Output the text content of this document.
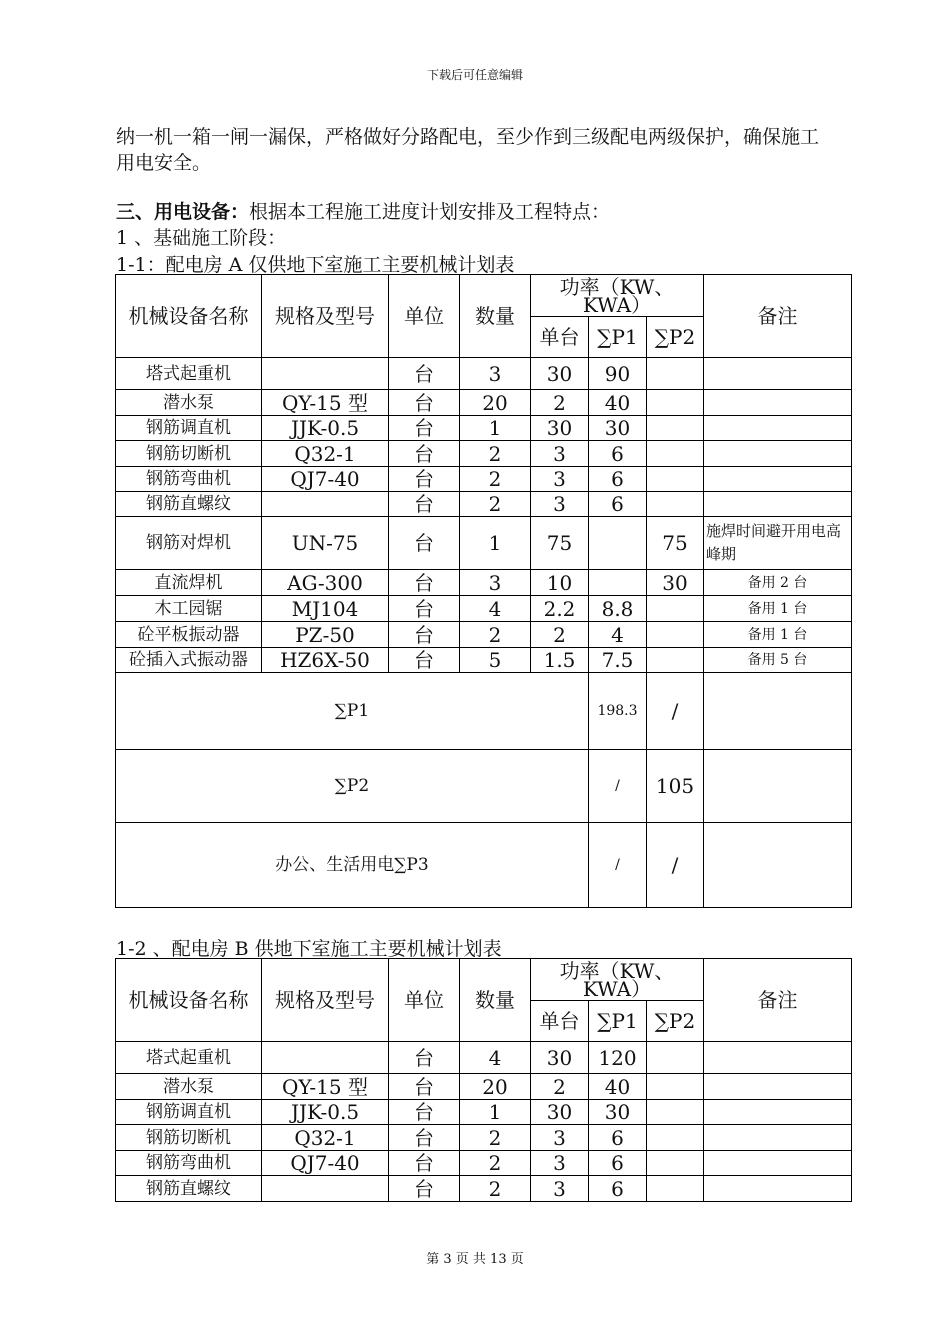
下载后可任意编辑
纳一机一箱一闸一漏保，严格做好分路配电，至少作到三级配电两级保护，确保施工用电安全。
三、用电设备：根据本工程施工进度计划安排及工程特点：
1 、基础施工阶段：
1-1：配电房 A 仅供地下室施工主要机械计划表
机械设备名称	规格及型号	单位	数量	功率（KW、KWA）			备注
				单台	∑P1	∑P2	
塔式起重机		台	3	30	90		
潜水泵	QY-15 型	台	20	2	40		
钢筋调直机	JJK-0.5	台	1	30	30		
钢筋切断机	Q32-1	台	2	3	6		
钢筋弯曲机	QJ7-40	台	2	3	6		
钢筋直螺纹		台	2	3	6		
钢筋对焊机	UN-75	台	1	75		75	施焊时间避开用电高峰期
直流焊机	AG-300	台	3	10		30	备用 2 台
木工园锯	MJ104	台	4	2.2	8.8		备用 1 台
砼平板振动器	PZ-50	台	2	2	4		备用 1 台
砼插入式振动器	HZ6X-50	台	5	1.5	7.5		备用 5 台
∑P1					198.3	/	
∑P2					/	105	
办公、生活用电∑P3					/	/	
1-2 、配电房 B 供地下室施工主要机械计划表
机械设备名称	规格及型号	单位	数量	功率（KW、KWA）			备注
				单台	∑P1	∑P2	
塔式起重机		台	4	30	120		
潜水泵	QY-15 型	台	20	2	40		
钢筋调直机	JJK-0.5	台	1	30	30		
钢筋切断机	Q32-1	台	2	3	6		
钢筋弯曲机	QJ7-40	台	2	3	6		
钢筋直螺纹		台	2	3	6		
第 3 页 共 13 页
